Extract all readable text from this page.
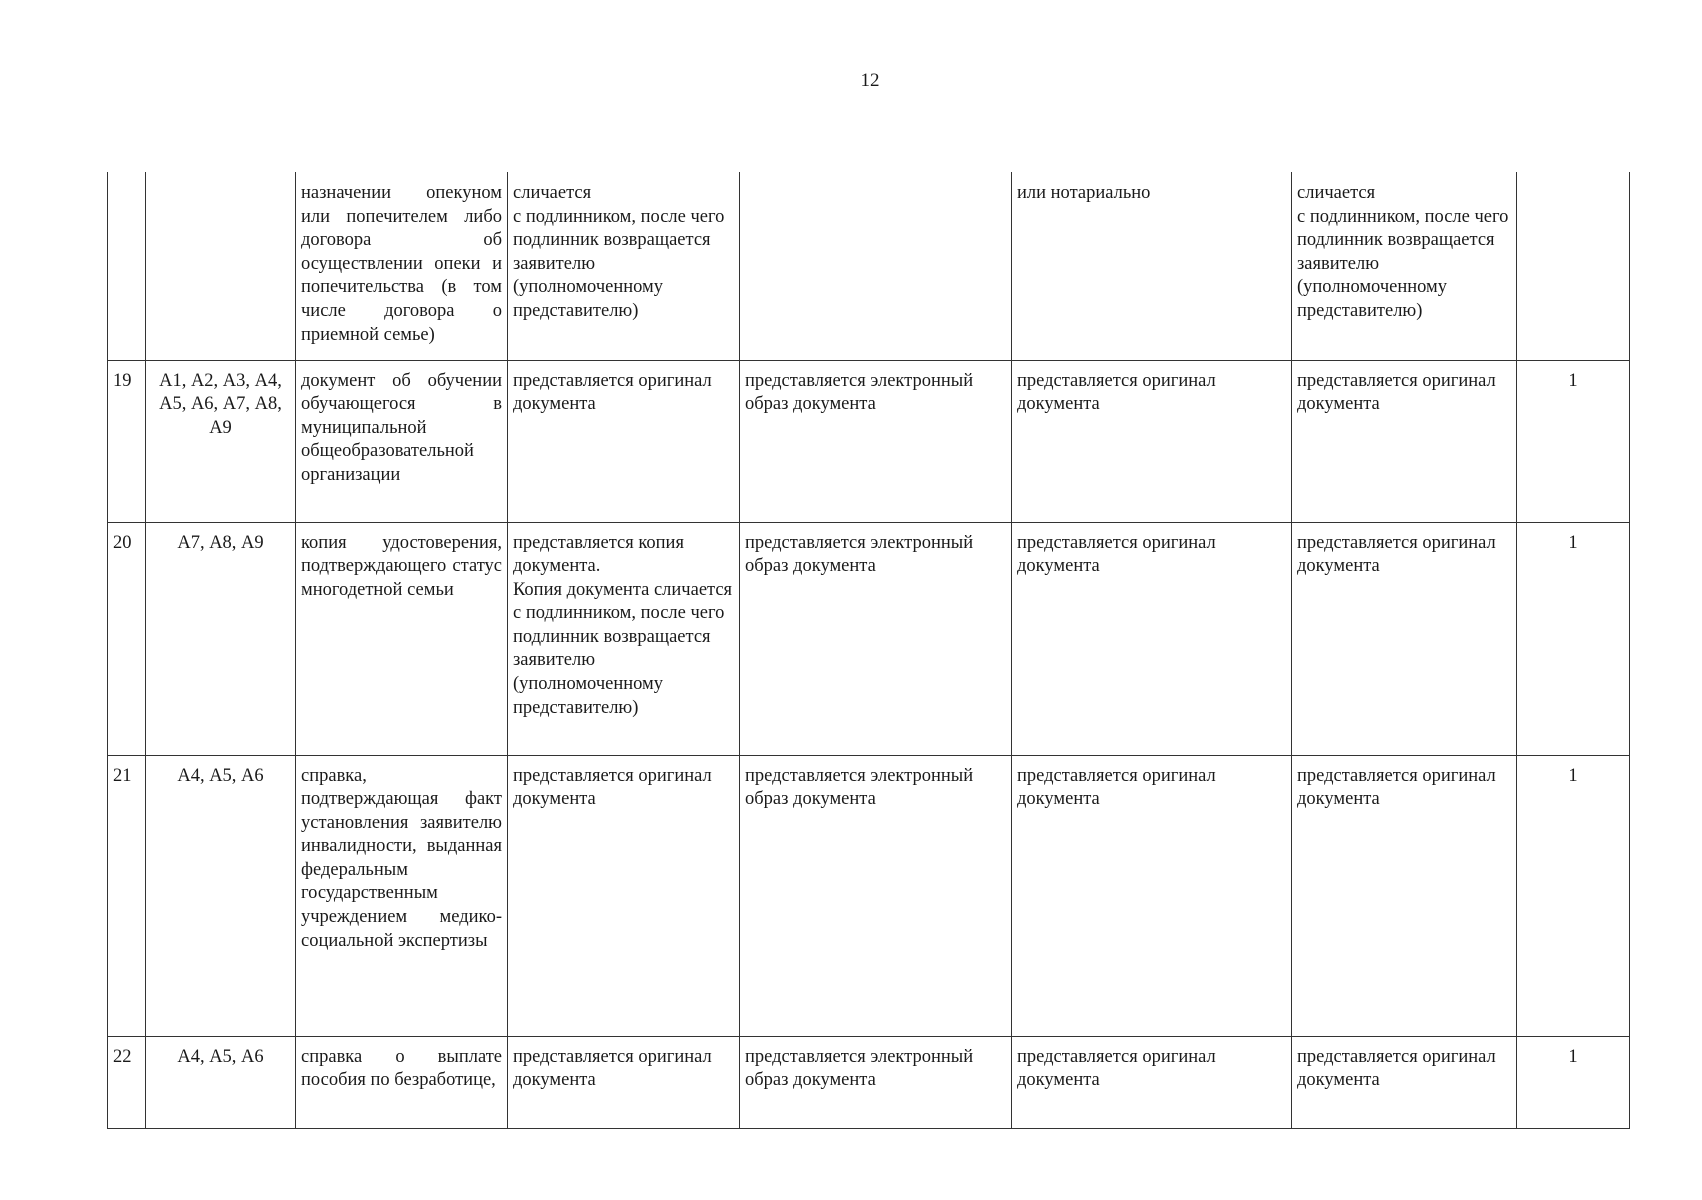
12
		назначении опекуном или попечителем либо договора об осуществлении опеки и попечительства (в том числе договора о приемной семье)	сличается
с подлинником, после чего подлинник возвращается заявителю (уполномоченному представителю)		или нотариально	сличается
с подлинником, после чего подлинник возвращается заявителю (уполномоченному представителю)	
19	А1, А2, А3, А4, А5, А6, А7, А8, А9	документ об обучении обучающегося в муниципальной общеобразовательной организации	представляется оригинал документа	представляется электронный образ документа	представляется оригинал документа	представляется оригинал документа	1
20	А7, А8, А9	копия удостоверения, подтверждающего статус многодетной семьи	представляется копия документа.
Копия документа сличается
с подлинником, после чего подлинник возвращается заявителю (уполномоченному представителю)	представляется электронный образ документа	представляется оригинал документа	представляется оригинал документа	1
21	А4, А5, А6	справка, подтверждающая факт установления заявителю инвалидности, выданная федеральным государственным учреждением медико-социальной экспертизы	представляется оригинал документа	представляется электронный образ документа	представляется оригинал документа	представляется оригинал документа	1
22	А4, А5, А6	справка о выплате пособия по безработице,	представляется оригинал документа	представляется электронный образ документа	представляется оригинал документа	представляется оригинал документа	1
